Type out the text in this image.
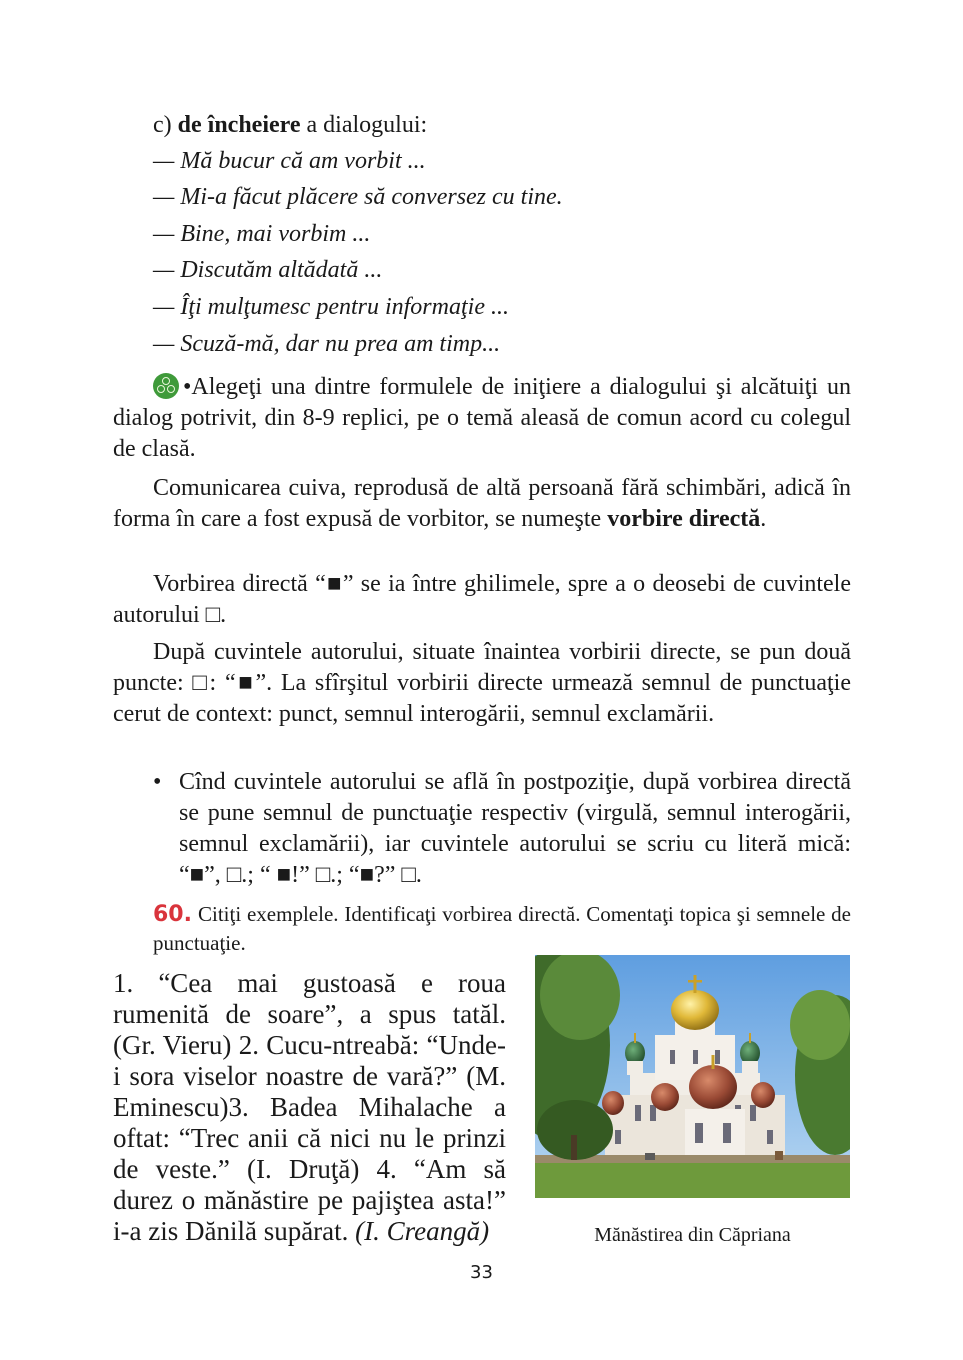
c) de încheiere a dialogului:
— Mă bucur că am vorbit ...
— Mi-a făcut plăcere să conversez cu tine.
— Bine, mai vorbim ...
— Discutăm altădată ...
— Îţi mulţumesc pentru informaţie ...
— Scuză-mă, dar nu prea am timp...
•Alegeţi una dintre formulele de iniţiere a dialogului şi alcătuiţi un dialog potrivit, din 8-9 replici, pe o temă aleasă de comun acord cu colegul de clasă.
Comunicarea cuiva, reprodusă de altă persoană fără schimbări, adică în forma în care a fost expusă de vorbitor, se numeşte vorbire directă.
Vorbirea directă “■” se ia între ghilimele, spre a o deosebi de cuvintele autorului □.
După cuvintele autorului, situate înaintea vorbirii directe, se pun două puncte: □: “■”. La sfîrşitul vorbirii directe urmează semnul de punctuaţie cerut de context: punct, semnul interogării, semnul exclamării.
• Cînd cuvintele autorului se află în postpoziţie, după vorbirea directă se pune semnul de punctuaţie respectiv (virgulă, semnul interogării, semnul exclamării), iar cuvintele autorului se scriu cu literă mică: “■”, □.; “ ■!” □.; “■?” □.
60. Citiţi exemplele. Identificaţi vorbirea directă. Comentaţi topica şi semnele de punctuaţie.
1. “Cea mai gustoasă e roua rumenită de soare”, a spus tatăl. (Gr. Vieru) 2. Cucu-ntreabă: “Unde-i sora viselor noastre de vară?” (M. Eminescu)3. Badea Mihalache a oftat: “Trec anii că nici nu le prinzi de veste.” (I. Druţă) 4. “Am să durez o mănăstire pe pajiştea asta!” i-a zis Dănilă supărat. (I. Creangă)	Mănăstirea din Căpriana
33
